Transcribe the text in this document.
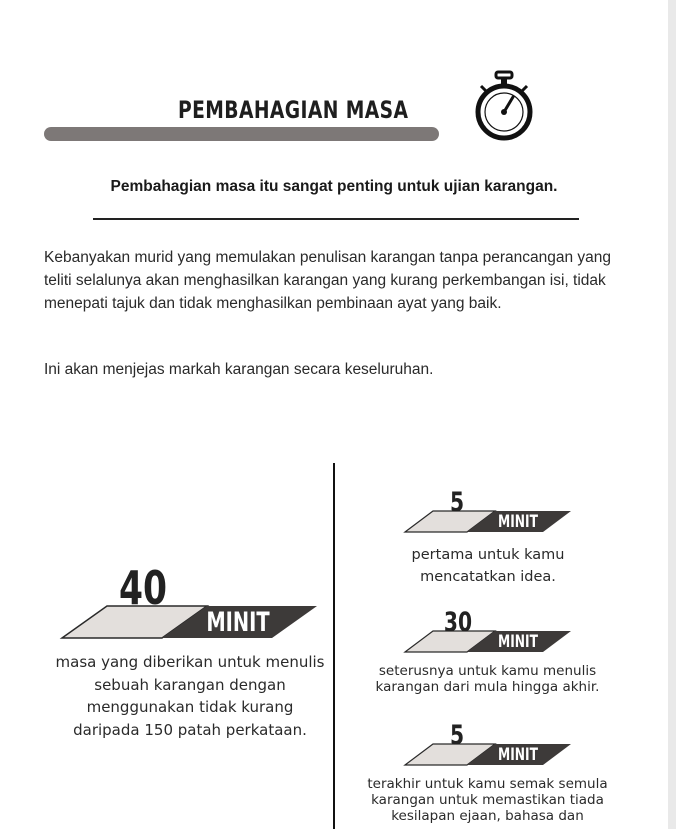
PEMBAHAGIAN MASA
Pembahagian masa itu sangat penting untuk ujian karangan.
Kebanyakan murid yang memulakan penulisan karangan tanpa perancangan yang teliti selalunya akan menghasilkan karangan yang kurang perkembangan isi, tidak menepati tajuk dan tidak menghasilkan pembinaan ayat yang baik.
Ini akan menjejas markah karangan secara keseluruhan.
40
MINIT
masa yang diberikan untuk menulis sebuah karangan dengan menggunakan tidak kurang daripada 150 patah perkataan.
5
MINIT
pertama untuk kamu mencatatkan idea.
30
MINIT
seterusnya untuk kamu menulis karangan dari mula hingga akhir.
5
MINIT
terakhir untuk kamu semak semula karangan untuk memastikan tiada kesilapan ejaan, bahasa dan
